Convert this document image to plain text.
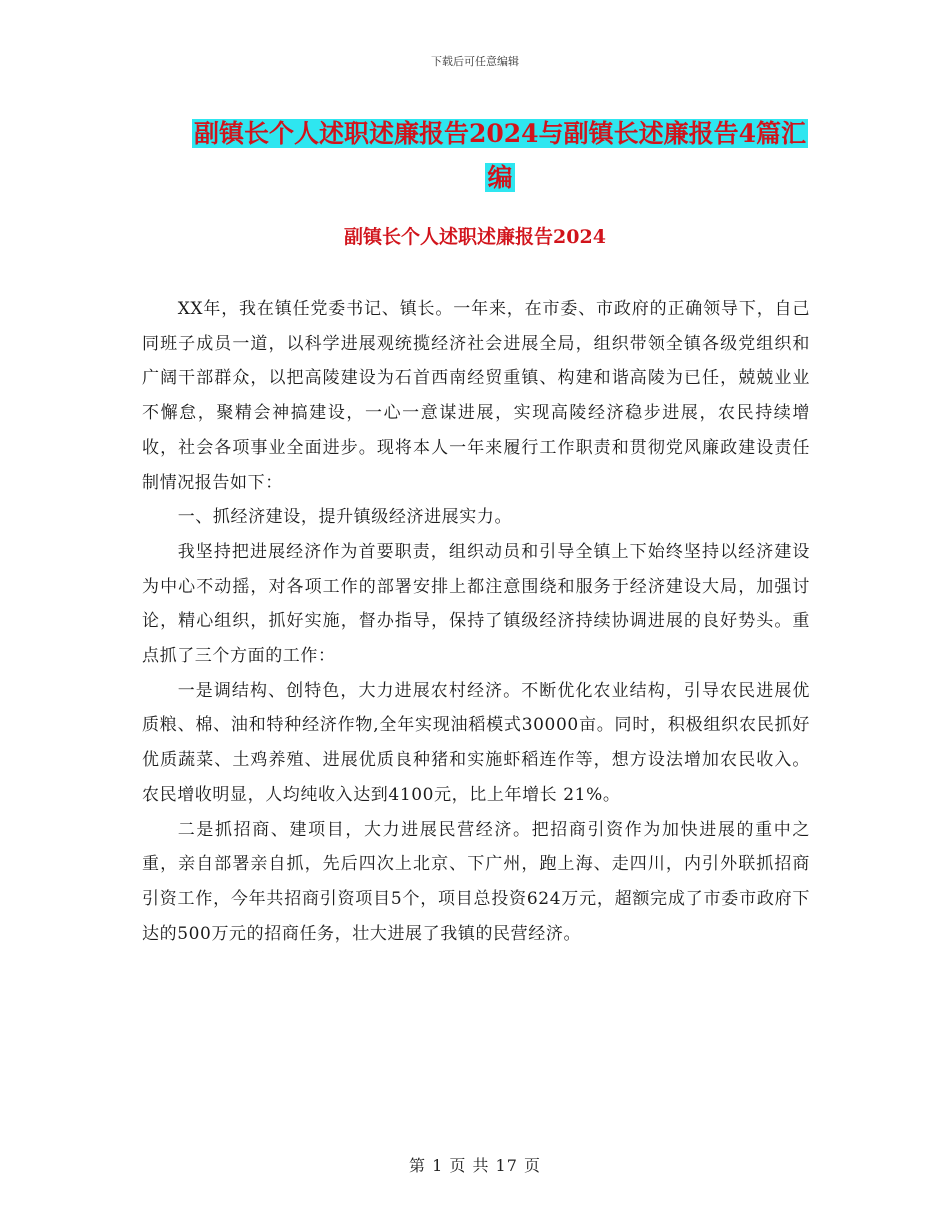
下载后可任意编辑
副镇长个人述职述廉报告2024与副镇长述廉报告4篇汇编
副镇长个人述职述廉报告2024

XX年，我在镇任党委书记、镇长。一年来，在市委、市政府的正确领导下，自己同班子成员一道，以科学进展观统揽经济社会进展全局，组织带领全镇各级党组织和广阔干部群众，以把高陵建设为石首西南经贸重镇、构建和谐高陵为已任，兢兢业业不懈怠，聚精会神搞建设，一心一意谋进展，实现高陵经济稳步进展，农民持续增收，社会各项事业全面进步。现将本人一年来履行工作职责和贯彻党风廉政建设责任制情况报告如下：

一、抓经济建设，提升镇级经济进展实力。

我坚持把进展经济作为首要职责，组织动员和引导全镇上下始终坚持以经济建设为中心不动摇，对各项工作的部署安排上都注意围绕和服务于经济建设大局，加强讨论，精心组织，抓好实施，督办指导，保持了镇级经济持续协调进展的良好势头。重点抓了三个方面的工作：

一是调结构、创特色，大力进展农村经济。不断优化农业结构，引导农民进展优质粮、棉、油和特种经济作物,全年实现油稻模式30000亩。同时，积极组织农民抓好优质蔬菜、土鸡养殖、进展优质良种猪和实施虾稻连作等，想方设法增加农民收入。农民增收明显，人均纯收入达到4100元，比上年增长 21%。

二是抓招商、建项目，大力进展民营经济。把招商引资作为加快进展的重中之重，亲自部署亲自抓，先后四次上北京、下广州，跑上海、走四川，内引外联抓招商引资工作，今年共招商引资项目5个，项目总投资624万元，超额完成了市委市政府下达的500万元的招商任务，壮大进展了我镇的民营经济。

第 1 页 共 17 页
